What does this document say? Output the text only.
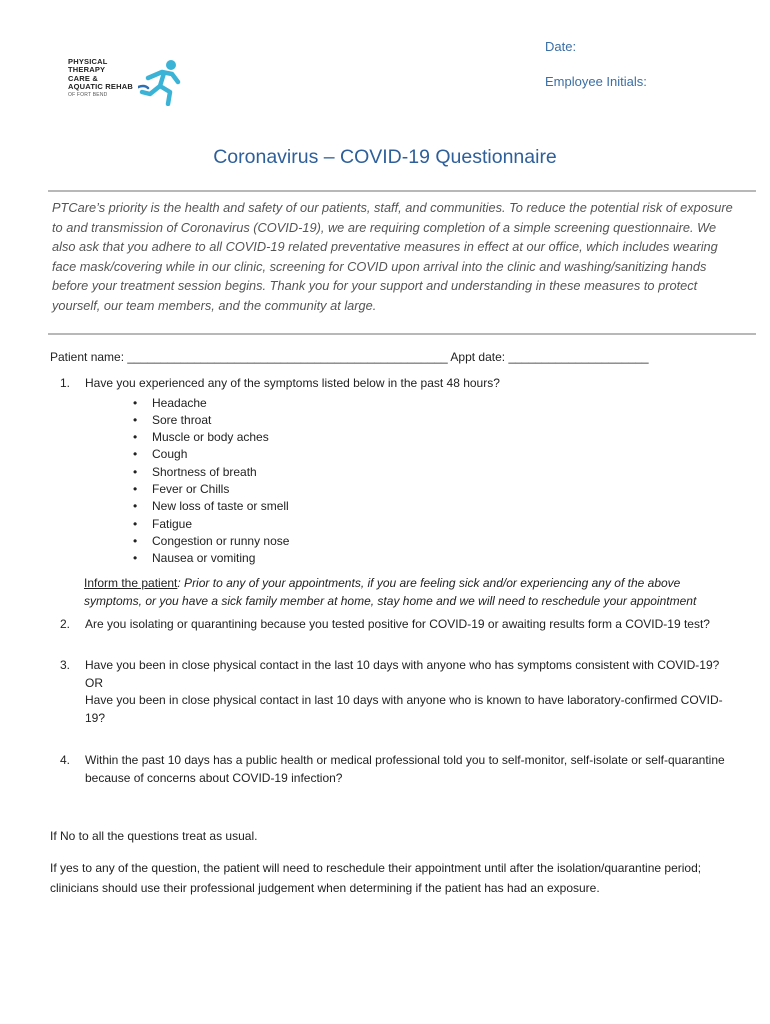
PHYSICAL
THERAPY
CARE &
AQUATIC REHAB
OF FORT BEND
Date:
Employee Initials:
Coronavirus – COVID-19 Questionnaire
PTCare’s priority is the health and safety of our patients, staff, and communities. To reduce the potential risk of exposure to and transmission of Coronavirus (COVID-19), we are requiring completion of a simple screening questionnaire. We also ask that you adhere to all COVID-19 related preventative measures in effect at our office, which includes wearing face mask/covering while in our clinic, screening for COVID upon arrival into the clinic and washing/sanitizing hands before your treatment session begins. Thank you for your support and understanding in these measures to protect yourself, our team members, and the community at large.
Patient name: ________________________________________________ Appt date: _____________________
1. Have you experienced any of the symptoms listed below in the past 48 hours?
• Headache
• Sore throat
• Muscle or body aches
• Cough
• Shortness of breath
• Fever or Chills
• New loss of taste or smell
• Fatigue
• Congestion or runny nose
• Nausea or vomiting
Inform the patient: Prior to any of your appointments, if you are feeling sick and/or experiencing any of the above symptoms, or you have a sick family member at home, stay home and we will need to reschedule your appointment
2. Are you isolating or quarantining because you tested positive for COVID-19 or awaiting results form a COVID-19 test?
3. Have you been in close physical contact in the last 10 days with anyone who has symptoms consistent with COVID-19?
OR
Have you been in close physical contact in last 10 days with anyone who is known to have laboratory-confirmed COVID-19?
4. Within the past 10 days has a public health or medical professional told you to self-monitor, self-isolate or self-quarantine because of concerns about COVID-19 infection?
If No to all the questions treat as usual.
If yes to any of the question, the patient will need to reschedule their appointment until after the isolation/quarantine period; clinicians should use their professional judgement when determining if the patient has had an exposure.
